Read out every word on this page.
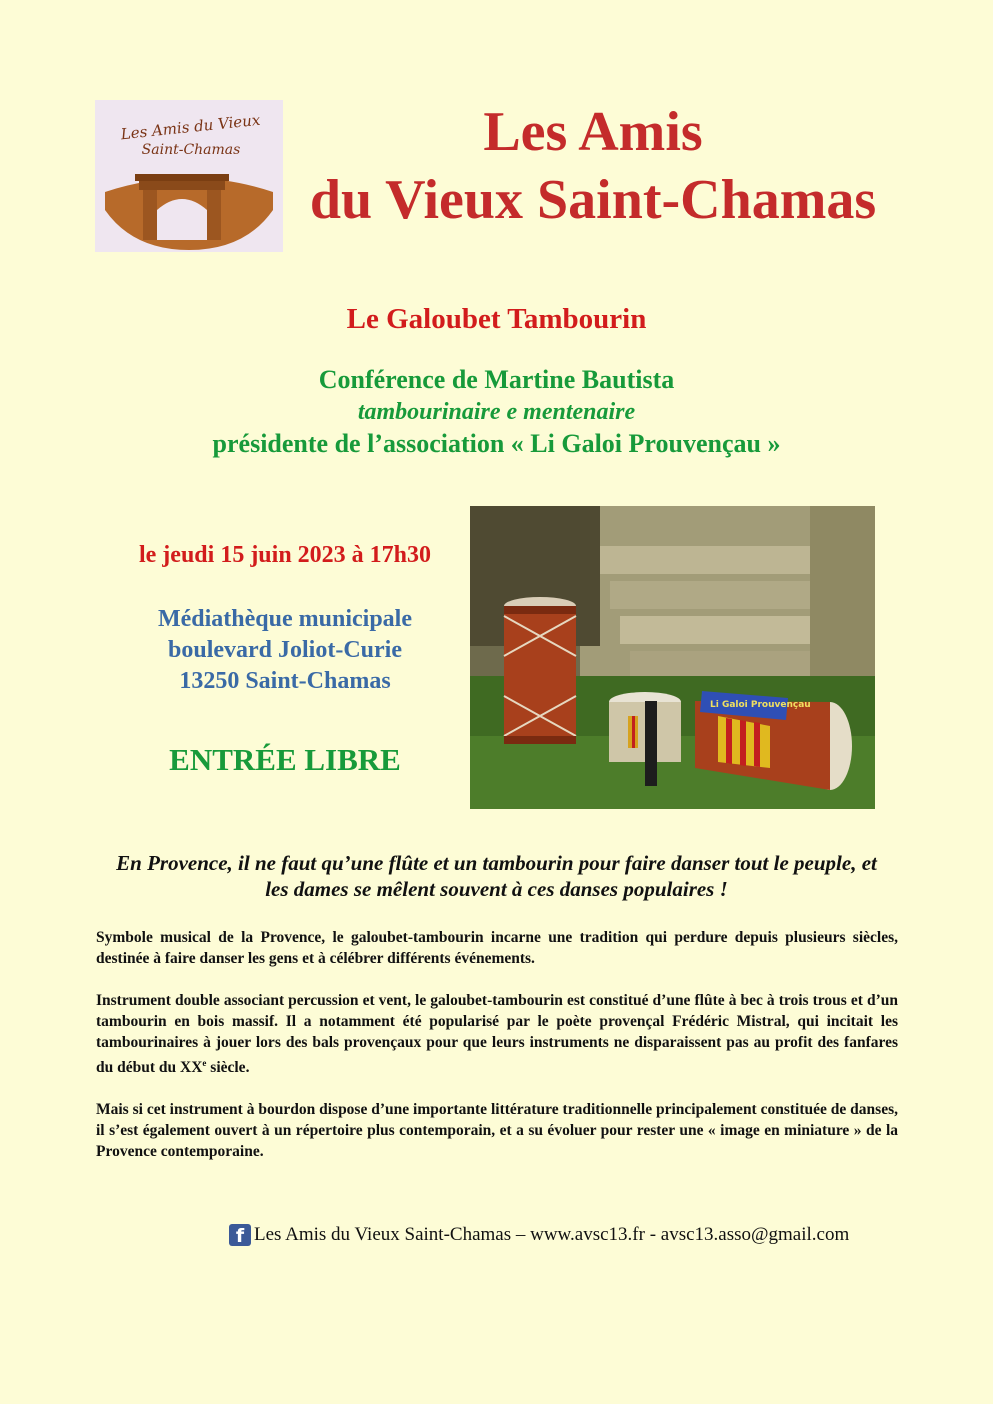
Les Amis du Vieux
Saint-Chamas	Les Amis
du Vieux Saint-Chamas
Le Galoubet Tambourin
Conférence de Martine Bautista
tambourinaire e mentenaire
présidente de l’association « Li Galoi Prouvençau »
le jeudi 15 juin 2023 à 17h30
Médiathèque municipale
boulevard Joliot-Curie
13250 Saint-Chamas
ENTRÉE LIBRE
Li Galoi Prouvençau
En Provence, il ne faut qu’une flûte et un tambourin pour faire danser tout le peuple, et les dames se mêlent souvent à ces danses populaires !

Symbole musical de la Provence, le galoubet-tambourin incarne une tradition qui perdure depuis plusieurs siècles, destinée à faire danser les gens et à célébrer différents événements.

Instrument double associant percussion et vent, le galoubet-tambourin est constitué d’une flûte à bec à trois trous et d’un tambourin en bois massif. Il a notamment été popularisé par le poète provençal Frédéric Mistral, qui incitait les tambourinaires à jouer lors des bals provençaux pour que leurs instruments ne disparaissent pas au profit des fanfares du début du XXe siècle.

Mais si cet instrument à bourdon dispose d’une importante littérature traditionnelle principalement constituée de danses, il s’est également ouvert à un répertoire plus contemporain, et a su évoluer pour rester une « image en miniature » de la Provence contemporaine.

f Les Amis du Vieux Saint-Chamas – www.avsc13.fr - avsc13.asso@gmail.com
